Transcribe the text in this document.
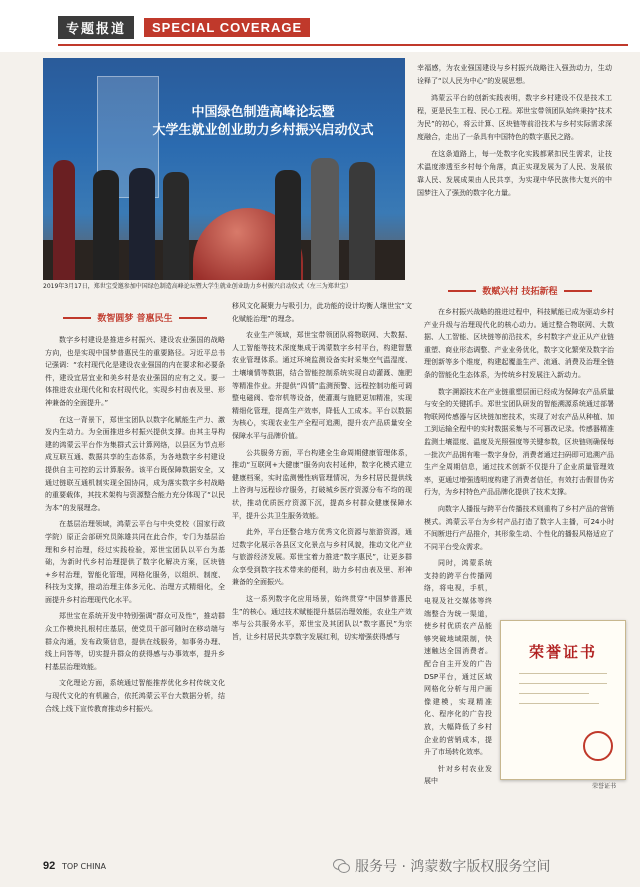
专题报道	SPECIAL COVERAGE
中国绿色制造高峰论坛暨
大学生就业创业助力乡村振兴启动仪式
2019年3月17日，郑世宝受邀参加中国绿色制造高峰论坛暨大学生就业创业助力乡村振兴启动仪式（左三为郑世宝）

幸福感，为农业强国建设与乡村振兴战略注入强劲动力，生动诠释了“以人民为中心”的发展思想。

鸿蒙云平台的创新实践表明，数字乡村建设不仅是技术工程，更是民生工程、民心工程。郑世宝带领团队始终秉持“技术为民”的初心，将云计算、区块链等前沿技术与乡村实际需求深度融合，走出了一条具有中国特色的数字惠民之路。

在这条道路上，每一处数字化实践都紧扣民生需求，让技术温度渗透至乡村每个角落，真正实现发展为了人民、发展依靠人民、发展成果由人民共享，为实现中华民族伟大复兴的中国梦注入了强劲的数字化力量。

数智圆梦 普惠民生
数赋兴村 技拓新程

数字乡村建设是推进乡村振兴、建设农业强国的战略方向，也是实现中国梦普惠民生的重要路径。习近平总书记强调：“农村现代化是建设农业强国的内在要求和必要条件，建设宜居宜业和美乡村是农业强国的应有之义。要一体推进农业现代化和农村现代化，实现乡村由表及里、形神兼备的全面提升。”

在这一背景下，郑世宝团队以数字化赋能生产力、激发内生动力。为全面推进乡村振兴提供支撑。由其主导构建的鸿蒙云平台作为集群式云计算网络，以县区为节点形成互联互通、数据共享的生态体系，为各地数字乡村建设提供自主可控的云计算服务。该平台既保障数据安全，又通过链联互通机制实现全国协同，成为落实数字乡村战略的重要载体，其技术架构与资源整合能力充分体现了“以民为本”的发展理念。

在基层治理领域，鸿蒙云平台与中央党校（国家行政学院）原正会部研究员陈雄共同在此合作，专门为基层治理和乡村治理，经过实践检验，郑世宝团队以平台为基础，为新时代乡村治理提供了数字化解决方案，区块链+乡村治理，智能化管理，网格化服务，以组织、制度、科技为支撑，推动治理主体多元化、治理方式精细化，全面提升乡村治理现代化水平。

郑世宝在系统开发中特别强调“群众可及性”，推动群众工作模块扎根村庄基层，使党员干部可随时在移动端与群众沟通，发布政策信息，提供在线服务，如事务办理、线上问答等，切实提升群众的获得感与办事效率，提升乡村基层治理效能。

文化理论方面，系统通过智能推荐优化乡村传统文化与现代文化的有机融合，依托鸿蒙云平台大数据分析，结合线上线下宣传教育推动乡村振兴。

移风文化凝聚力与吸引力，此功能的设计均衡人继世宝“文化赋能治理”的理念。

农业生产领域，郑世宝带领团队将物联网、大数据、人工智能等技术深度集成于鸿蒙数字乡村平台，构建智慧农业管理体系。通过环境监测设备实时采集空气温湿度、土壤墒情等数据，结合智能控制系统实现自动灌溉、施肥等精准作业。并提供“四情”监测预警、远程控制功能可调整电磁阀、卷帘机等设备，使灌溉与施肥更加精准，实现精细化管理，提高生产效率，降低人工成本。平台以数据为核心，实现农业生产全程可追溯，提升农产品质量安全保障水平与品牌价值。

公共服务方面，平台构建全生命周期健康管理体系，推动“互联网+大健康”服务向农村延伸，数字化模式建立健康档案，实时监测慢性病管理情况，为乡村居民提供线上咨询与远程诊疗服务，打破城乡医疗资源分布不均的现状，推动优质医疗资源下沉，提高乡村群众健康保障水平，提升公共卫生服务效能。

此外，平台还整合地方优秀文化资源与旅游资源，通过数字化展示各县区文化景点与乡村风貌，推动文化产业与旅游经济发展。郑世宝着力推进“数字惠民”，让更多群众享受到数字技术带来的便利，助力乡村由表及里、形神兼备的全面振兴。

这一系列数字化应用场景，始终贯穿“中国梦普惠民生”的核心。通过技术赋能提升基层治理效能，农业生产效率与公共服务水平，郑世宝及其团队以“数字惠民”为宗旨，让乡村居民共享数字发展红利，切实增强获得感与

在乡村振兴战略的推进过程中，科技赋能已成为驱动乡村产业升级与治理现代化的核心动力。通过整合物联网、大数据、人工智能、区块链等前沿技术，乡村数字产业正从产业链重塑、商业形态调整、产业业务优化，数字文化繁荣及数字治理创新等多个维度，构建起覆盖生产、流通、消费及治理全链条的智能化生态体系，为传统乡村发展注入新动力。

数字溯源技术在产业链重塑层面已经成为保障农产品质量与安全的关键抓手。郑世宝团队研发的智能溯源系统通过部署物联网传感器与区块链加密技术，实现了对农产品从种植、加工到运输全程中的实时数据采集与不可篡改记录。传感器精准监测土壤湿度、温度及光照强度等关键参数，区块链则确保每一批次产品拥有唯一数字身份，消费者通过扫码即可追溯产品生产全周期信息，通过技术创新不仅提升了企业质量管理效率，更通过增强透明度构建了消费者信任，有效打击假冒伪劣行为，为乡村特色产品品牌化提供了技术支撑。

向数字人播报与跨平台传播技术则重构了乡村产品的营销模式。鸿蒙云平台为乡村产品打造了数字人主播，可24小时不间断进行产品推介，其形象生动、个性化的播报风格适应了不同平台受众需求。

同时，鸿蒙系统支持的跨平台传播网络，将电视，手机，电视及社交媒体等终端整合为统一渠道，使乡村优质农产品能够突破地域限制，快速触达全国消费者。配合自主开发的广告DSP平台，通过区域网格化分析与用户画像建模，实现精准化、程序化的广告投放，大幅降低了乡村企业的营销成本，提升了市场转化效率。

针对乡村农业发展中

荣誉证书
荣誉证书
92 TOP CHINA	服务号 · 鸿蒙数字版权服务空间
